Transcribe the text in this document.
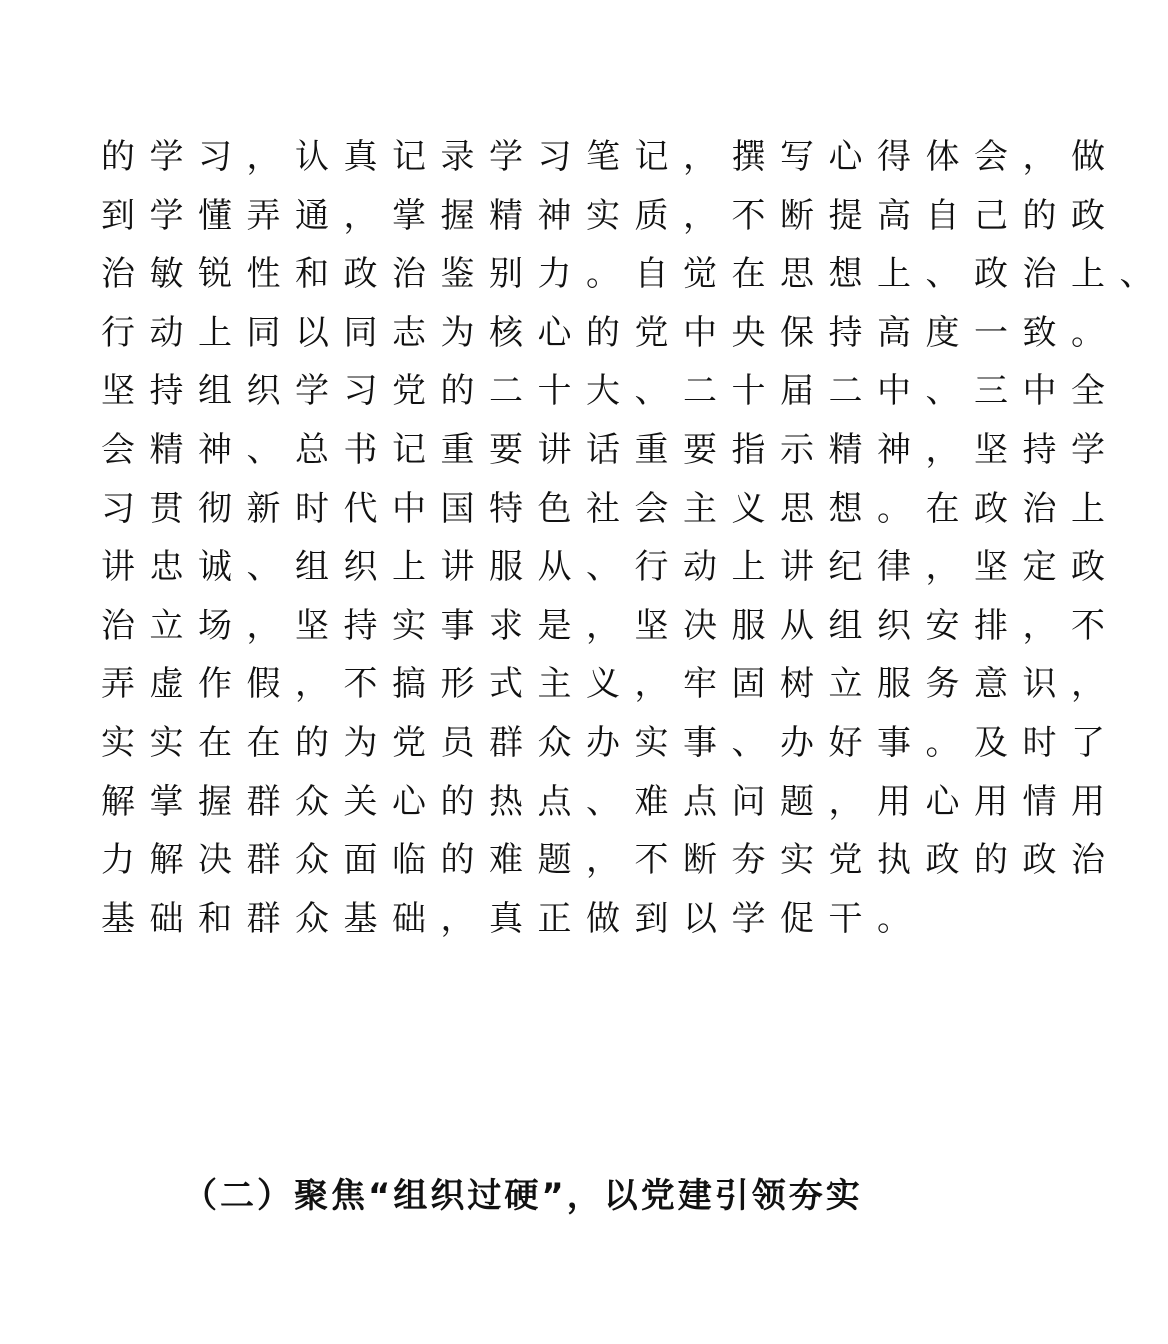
的学习，认真记录学习笔记，撰写心得体会，做
到学懂弄通，掌握精神实质，不断提高自己的政
治敏锐性和政治鉴别力。自觉在思想上、政治上、
行动上同以同志为核心的党中央保持高度一致。
坚持组织学习党的二十大、二十届二中、三中全
会精神、总书记重要讲话重要指示精神，坚持学
习贯彻新时代中国特色社会主义思想。在政治上
讲忠诚、组织上讲服从、行动上讲纪律，坚定政
治立场，坚持实事求是，坚决服从组织安排，不
弄虚作假，不搞形式主义，牢固树立服务意识，
实实在在的为党员群众办实事、办好事。及时了
解掌握群众关心的热点、难点问题，用心用情用
力解决群众面临的难题，不断夯实党执政的政治
基础和群众基础，真正做到以学促干。
（二）聚焦“组织过硬”，以党建引领夯实
